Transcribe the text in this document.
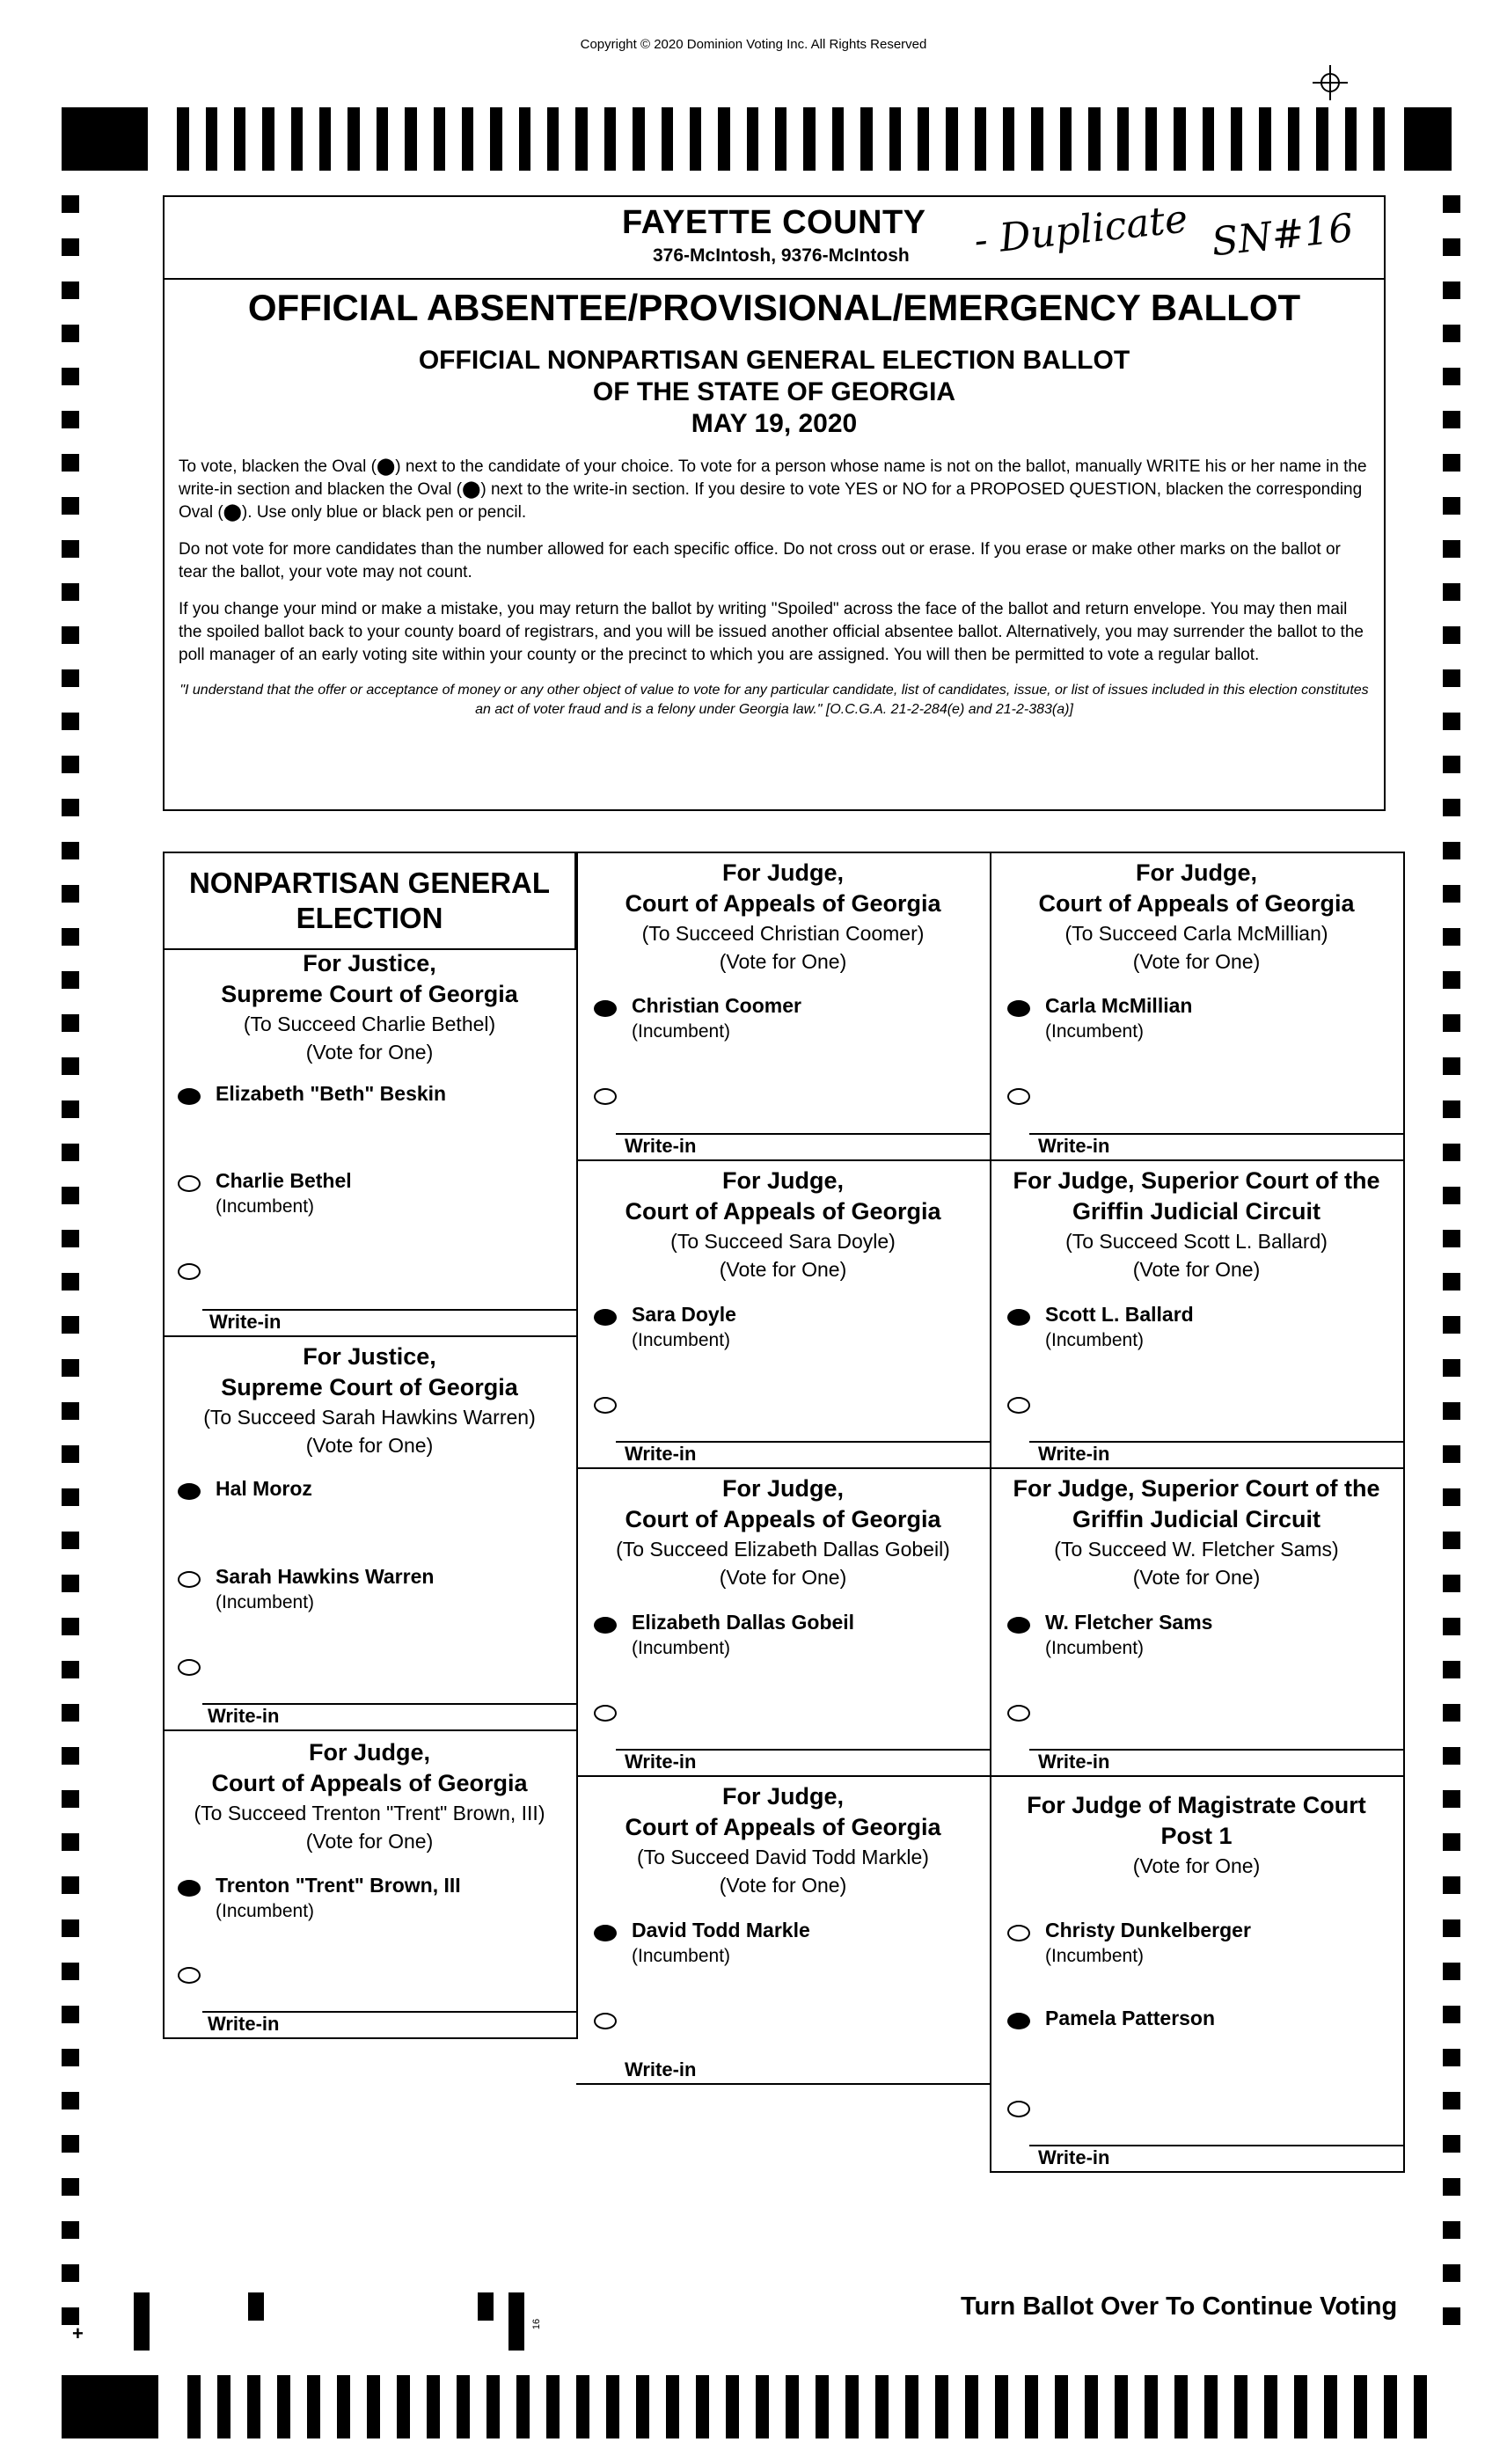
Copyright © 2020 Dominion Voting Inc. All Rights Reserved
FAYETTE COUNTY
376-McIntosh, 9376-McIntosh - Duplicate SN#16
OFFICIAL ABSENTEE/PROVISIONAL/EMERGENCY BALLOT
OFFICIAL NONPARTISAN GENERAL ELECTION BALLOT
OF THE STATE OF GEORGIA
MAY 19, 2020

To vote, blacken the Oval (⬤) next to the candidate of your choice. To vote for a person whose name is not on the ballot, manually WRITE his or her name in the write-in section and blacken the Oval (⬤) next to the write-in section. If you desire to vote YES or NO for a PROPOSED QUESTION, blacken the corresponding Oval (⬤). Use only blue or black pen or pencil.

Do not vote for more candidates than the number allowed for each specific office. Do not cross out or erase. If you erase or make other marks on the ballot or tear the ballot, your vote may not count.

If you change your mind or make a mistake, you may return the ballot by writing "Spoiled" across the face of the ballot and return envelope. You may then mail the spoiled ballot back to your county board of registrars, and you will be issued another official absentee ballot. Alternatively, you may surrender the ballot to the poll manager of an early voting site within your county or the precinct to which you are assigned. You will then be permitted to vote a regular ballot.

"I understand that the offer or acceptance of money or any other object of value to vote for any particular candidate, list of candidates, issue, or list of issues included in this election constitutes an act of voter fraud and is a felony under Georgia law." [O.C.G.A. 21-2-284(e) and 21-2-383(a)]
NONPARTISAN GENERAL ELECTION
For Justice,
Supreme Court of Georgia
(To Succeed Charlie Bethel)
(Vote for One)
Elizabeth "Beth" Beskin
Charlie Bethel
(Incumbent)
Write-in
For Justice,
Supreme Court of Georgia
(To Succeed Sarah Hawkins Warren)
(Vote for One)
Hal Moroz
Sarah Hawkins Warren
(Incumbent)
Write-in
For Judge,
Court of Appeals of Georgia
(To Succeed Trenton "Trent" Brown, III)
(Vote for One)
Trenton "Trent" Brown, III
(Incumbent)
Write-in
For Judge,
Court of Appeals of Georgia
(To Succeed Christian Coomer)
(Vote for One)
Christian Coomer
(Incumbent)
Write-in
For Judge,
Court of Appeals of Georgia
(To Succeed Sara Doyle)
(Vote for One)
Sara Doyle
(Incumbent)
Write-in
For Judge,
Court of Appeals of Georgia
(To Succeed Elizabeth Dallas Gobeil)
(Vote for One)
Elizabeth Dallas Gobeil
(Incumbent)
Write-in
For Judge,
Court of Appeals of Georgia
(To Succeed David Todd Markle)
(Vote for One)
David Todd Markle
(Incumbent)
Write-in
For Judge,
Court of Appeals of Georgia
(To Succeed Carla McMillian)
(Vote for One)
Carla McMillian
(Incumbent)
Write-in
For Judge, Superior Court of the
Griffin Judicial Circuit
(To Succeed Scott L. Ballard)
(Vote for One)
Scott L. Ballard
(Incumbent)
Write-in
For Judge, Superior Court of the
Griffin Judicial Circuit
(To Succeed W. Fletcher Sams)
(Vote for One)
W. Fletcher Sams
(Incumbent)
Write-in
For Judge of Magistrate Court
Post 1
(Vote for One)
Christy Dunkelberger
(Incumbent)
Pamela Patterson
Write-in
Turn Ballot Over To Continue Voting
+	16
